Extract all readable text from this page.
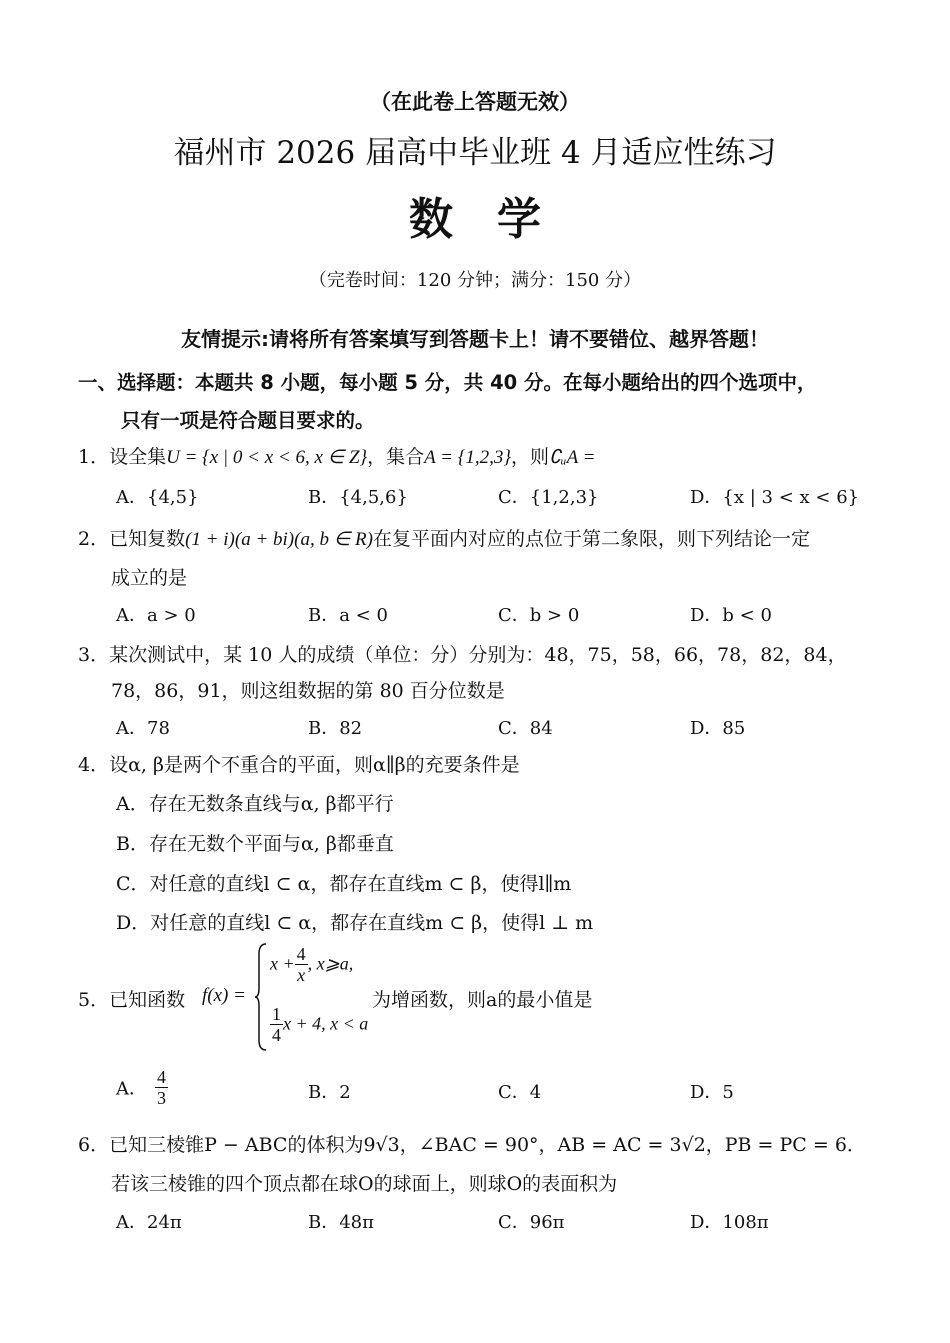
（在此卷上答题无效）
福州市 2026 届高中毕业班 4 月适应性练习
数学
（完卷时间：120 分钟；满分：150 分）
友情提示:请将所有答案填写到答题卡上！请不要错位、越界答题！
一、选择题：本题共 8 小题，每小题 5 分，共 40 分。在每小题给出的四个选项中，
只有一项是符合题目要求的。
1．设全集U = {x | 0 < x < 6, x ∈ Z}，集合A = {1,2,3}，则∁ᵤA =
A．{4,5}	B．{4,5,6}	C．{1,2,3}	D．{x | 3 < x < 6}
2．已知复数(1 + i)(a + bi)(a, b ∈ R)在复平面内对应的点位于第二象限，则下列结论一定
成立的是
A．a > 0	B．a < 0	C．b > 0	D．b < 0
3．某次测试中，某 10 人的成绩（单位：分）分别为：48，75，58，66，78，82，84，
78，86，91，则这组数据的第 80 百分位数是
A．78	B．82	C．84	D．85
4．设α, β是两个不重合的平面，则α∥β的充要条件是
A．存在无数条直线与α, β都平行
B．存在无数个平面与α, β都垂直
C．对任意的直线l ⊂ α，都存在直线m ⊂ β，使得l∥m
D．对任意的直线l ⊂ α，都存在直线m ⊂ β，使得l ⊥ m
5．已知函数 f(x) =
$x + \frac{4}{x}$ , x⩾a,
$\frac{1}{4}$ x + 4, x < a
为增函数，则a的最小值是
A． $\frac{4}{3}$	B．2	C．4	D．5
6．已知三棱锥P − ABC的体积为9√3，∠BAC = 90°，AB = AC = 3√2，PB = PC = 6．
若该三棱锥的四个顶点都在球O的球面上，则球O的表面积为
A．24π	B．48π	C．96π	D．108π
